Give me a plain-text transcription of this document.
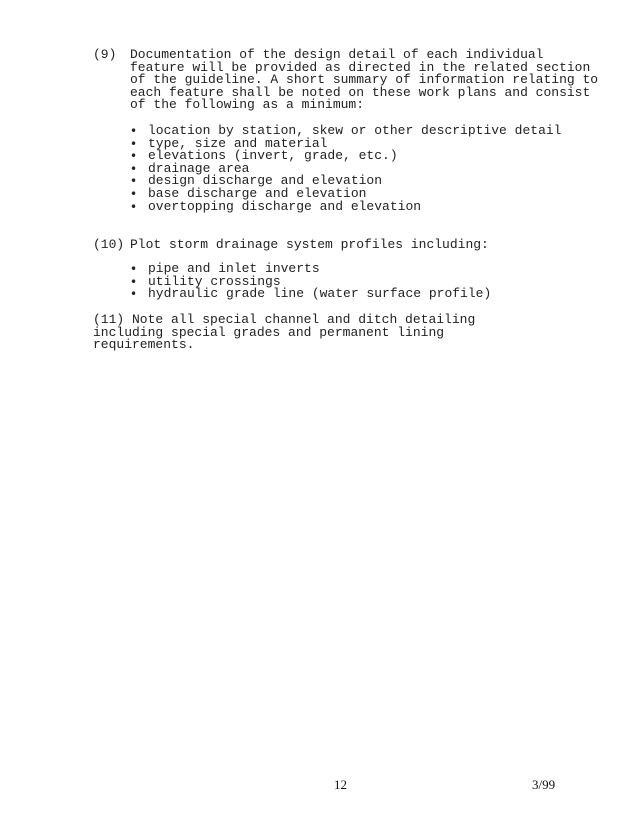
(9)	Documentation of the design detail of each individual feature will be provided as directed in the related section of the guideline. A short summary of information relating to each feature shall be noted on these work plans and consist of the following as a minimum:
• location by station, skew or other descriptive detail
• type, size and material
• elevations (invert, grade, etc.)
• drainage area
• design discharge and elevation
• base discharge and elevation
• overtopping discharge and elevation
(10) Plot storm drainage system profiles including:
• pipe and inlet inverts
• utility crossings
• hydraulic grade line (water surface profile)
(11) Note all special channel and ditch detailing including special grades and permanent lining requirements.
12	3/99
